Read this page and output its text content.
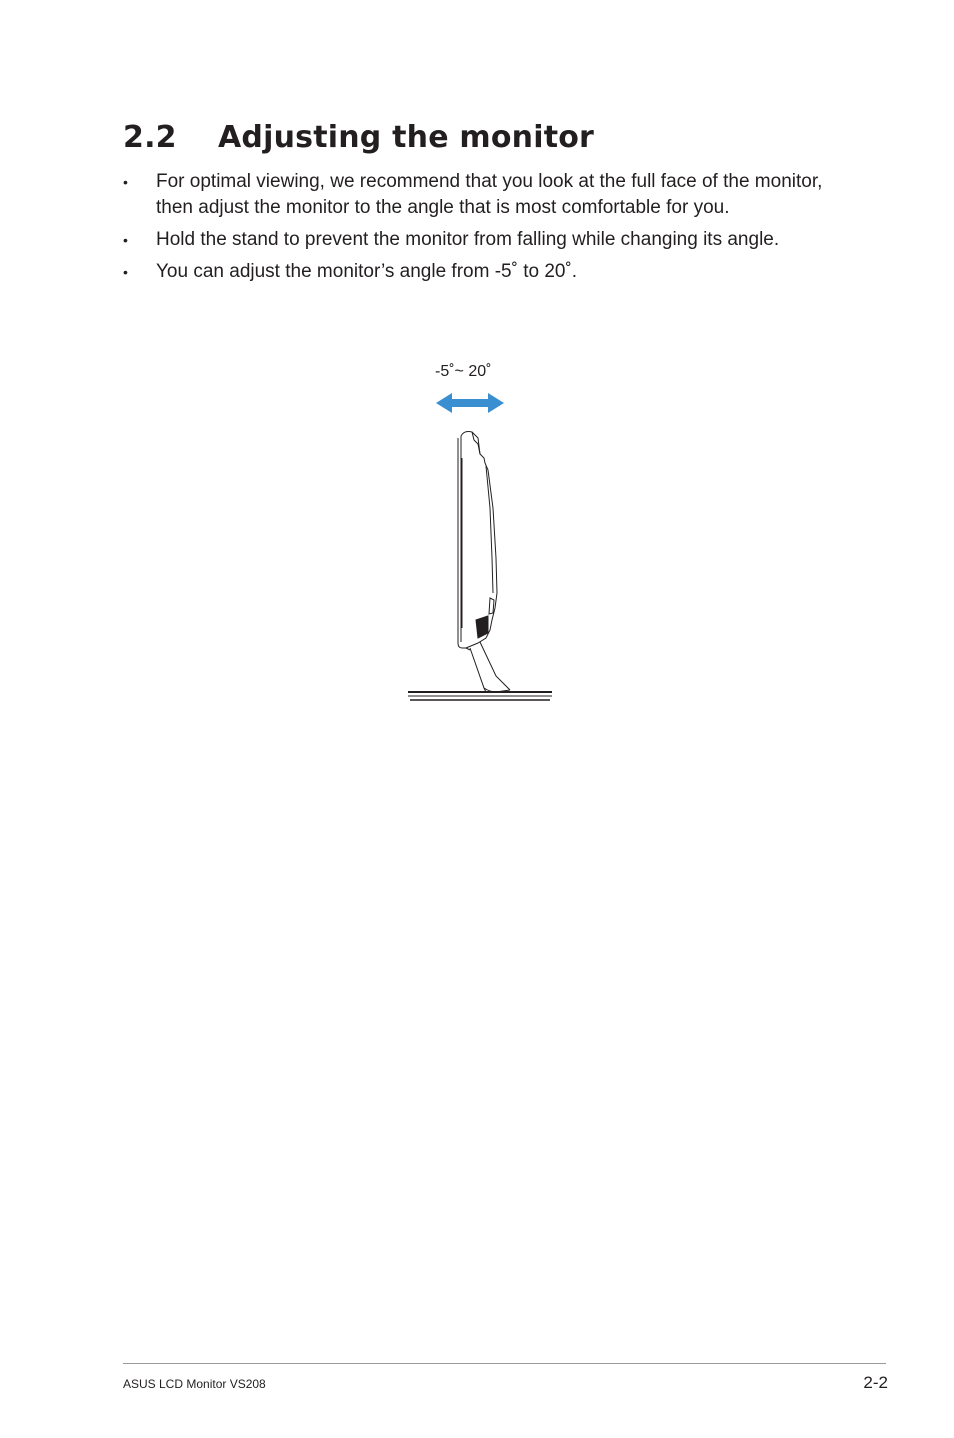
2.2 Adjusting the monitor
• For optimal viewing, we recommend that you look at the full face of the monitor, then adjust the monitor to the angle that is most comfortable for you.
• Hold the stand to prevent the monitor from falling while changing its angle.
• You can adjust the monitor’s angle from -5˚ to 20˚.
-5˚~ 20˚
ASUS LCD Monitor VS208	2-2
